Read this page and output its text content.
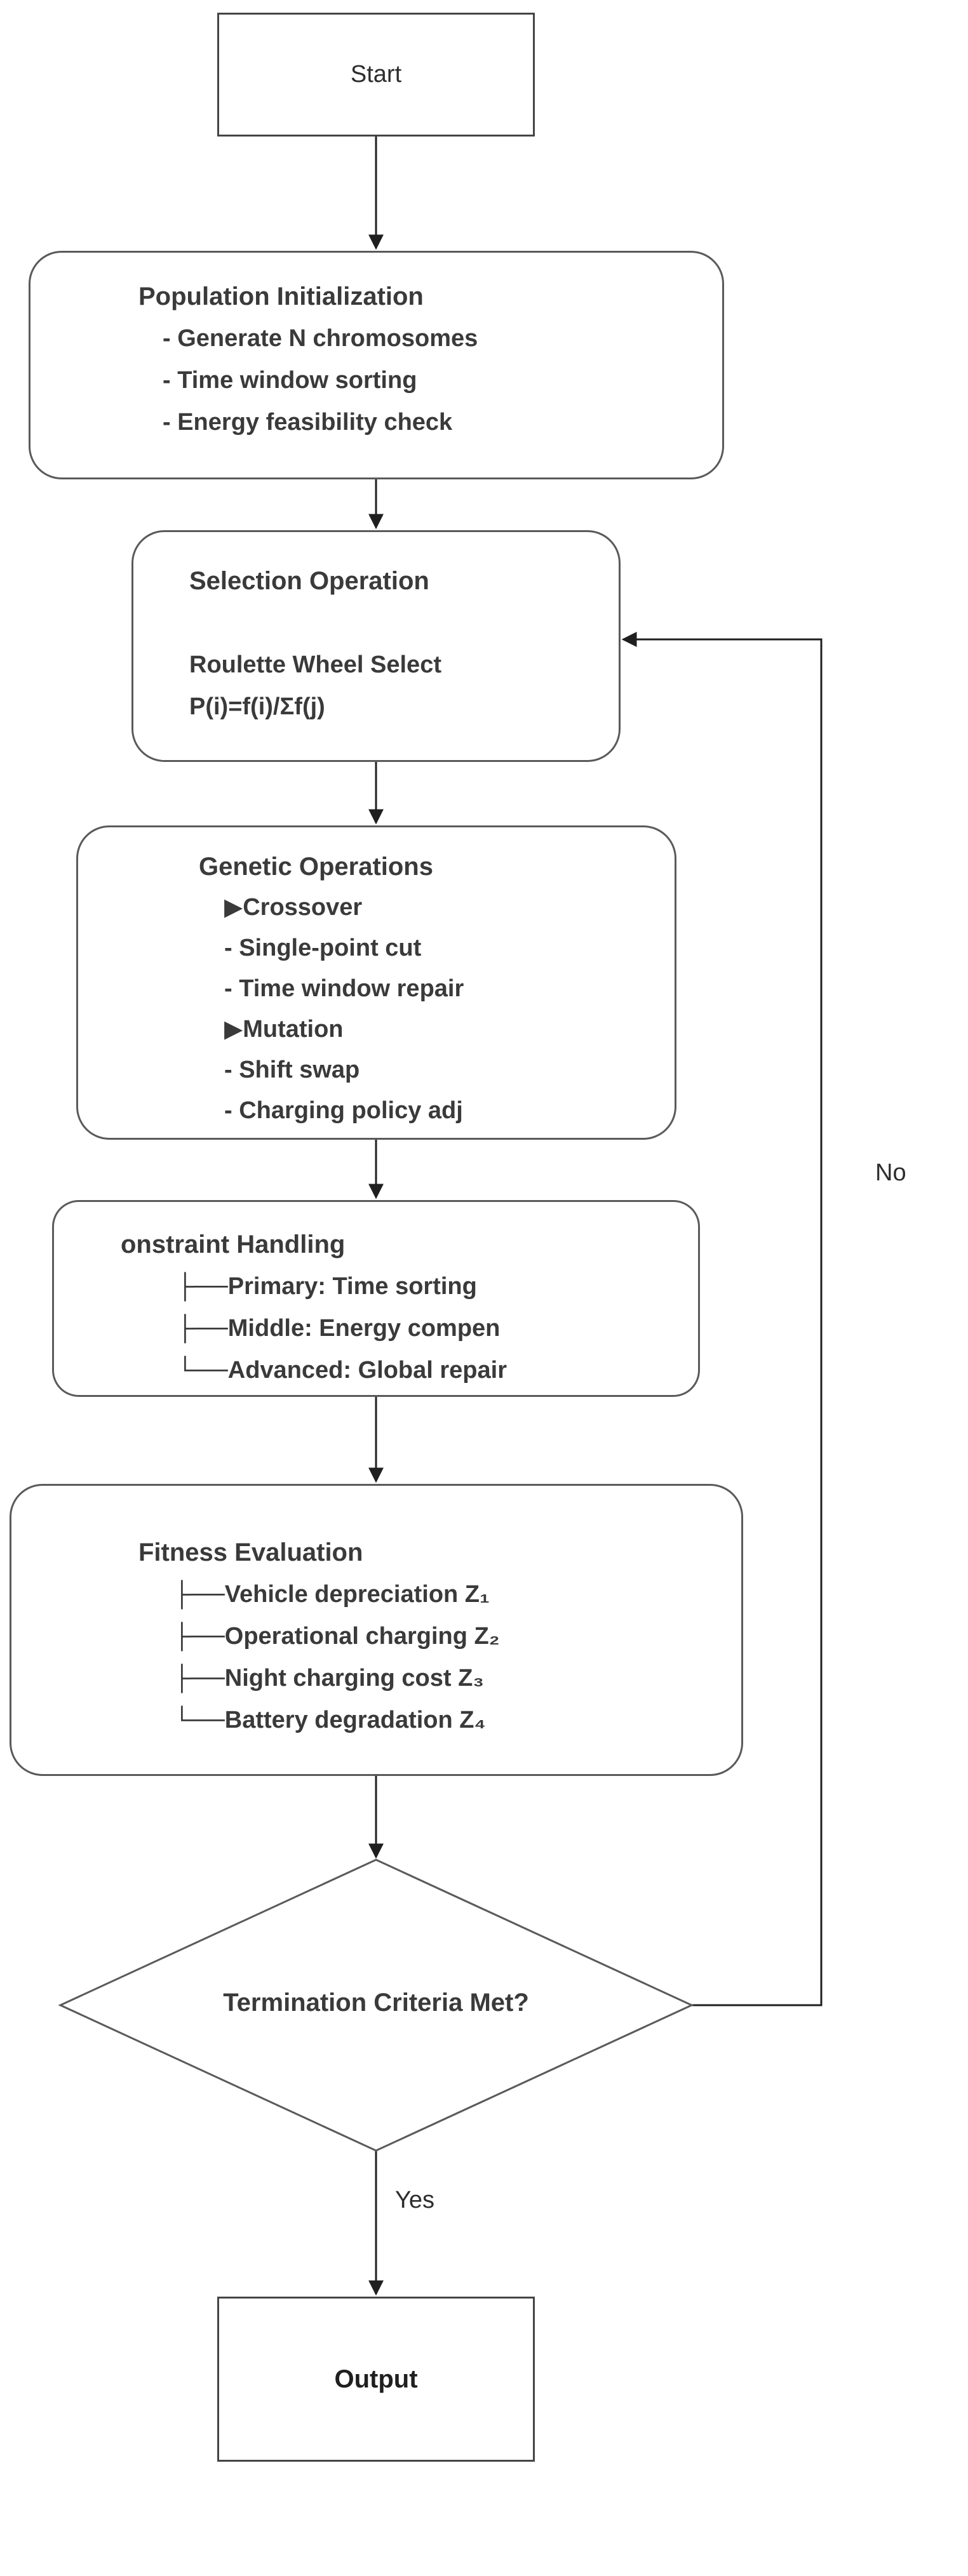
Start
Population Initialization
- Generate N chromosomes
- Time window sorting
- Energy feasibility check
Selection Operation
Roulette Wheel Select
P(i)=f(i)/Σf(j)
Genetic Operations
▶Crossover
- Single-point cut
- Time window repair
▶Mutation
- Shift swap
- Charging policy adj
onstraint Handling
├──Primary: Time sorting
├──Middle: Energy compen
└──Advanced: Global repair
Fitness Evaluation
├──Vehicle depreciation Z₁
├──Operational charging Z₂
├──Night charging cost Z₃
└──Battery degradation Z₄
Termination Criteria Met?
Output
Yes
No
